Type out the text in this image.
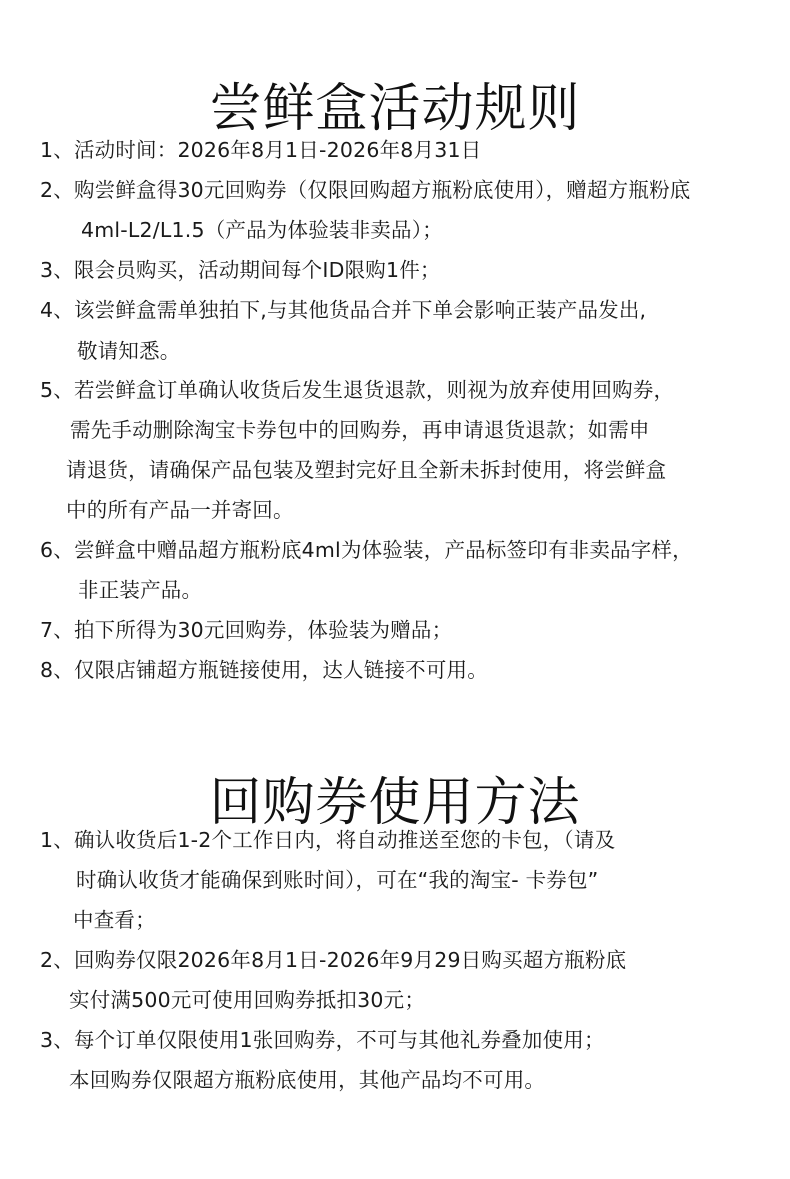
尝鲜盒活动规则
1、活动时间：2026年8月1日-2026年8月31日
2、购尝鲜盒得30元回购券（仅限回购超方瓶粉底使用），赠超方瓶粉底
4ml-L2/L1.5（产品为体验装非卖品）；
3、限会员购买，活动期间每个ID限购1件；
4、该尝鲜盒需单独拍下,与其他货品合并下单会影响正装产品发出,
敬请知悉。
5、若尝鲜盒订单确认收货后发生退货退款，则视为放弃使用回购券，
需先手动删除淘宝卡券包中的回购券，再申请退货退款；如需申
请退货，请确保产品包装及塑封完好且全新未拆封使用，将尝鲜盒
中的所有产品一并寄回。
6、尝鲜盒中赠品超方瓶粉底4ml为体验装，产品标签印有非卖品字样，
非正装产品。
7、拍下所得为30元回购券，体验装为赠品；
8、仅限店铺超方瓶链接使用，达人链接不可用。
回购券使用方法
1、确认收货后1-2个工作日内，将自动推送至您的卡包，（请及
时确认收货才能确保到账时间），可在“我的淘宝- 卡券包”
中查看；
2、回购券仅限2026年8月1日-2026年9月29日购买超方瓶粉底
实付满500元可使用回购券抵扣30元；
3、每个订单仅限使用1张回购券，不可与其他礼券叠加使用；
本回购券仅限超方瓶粉底使用，其他产品均不可用。
